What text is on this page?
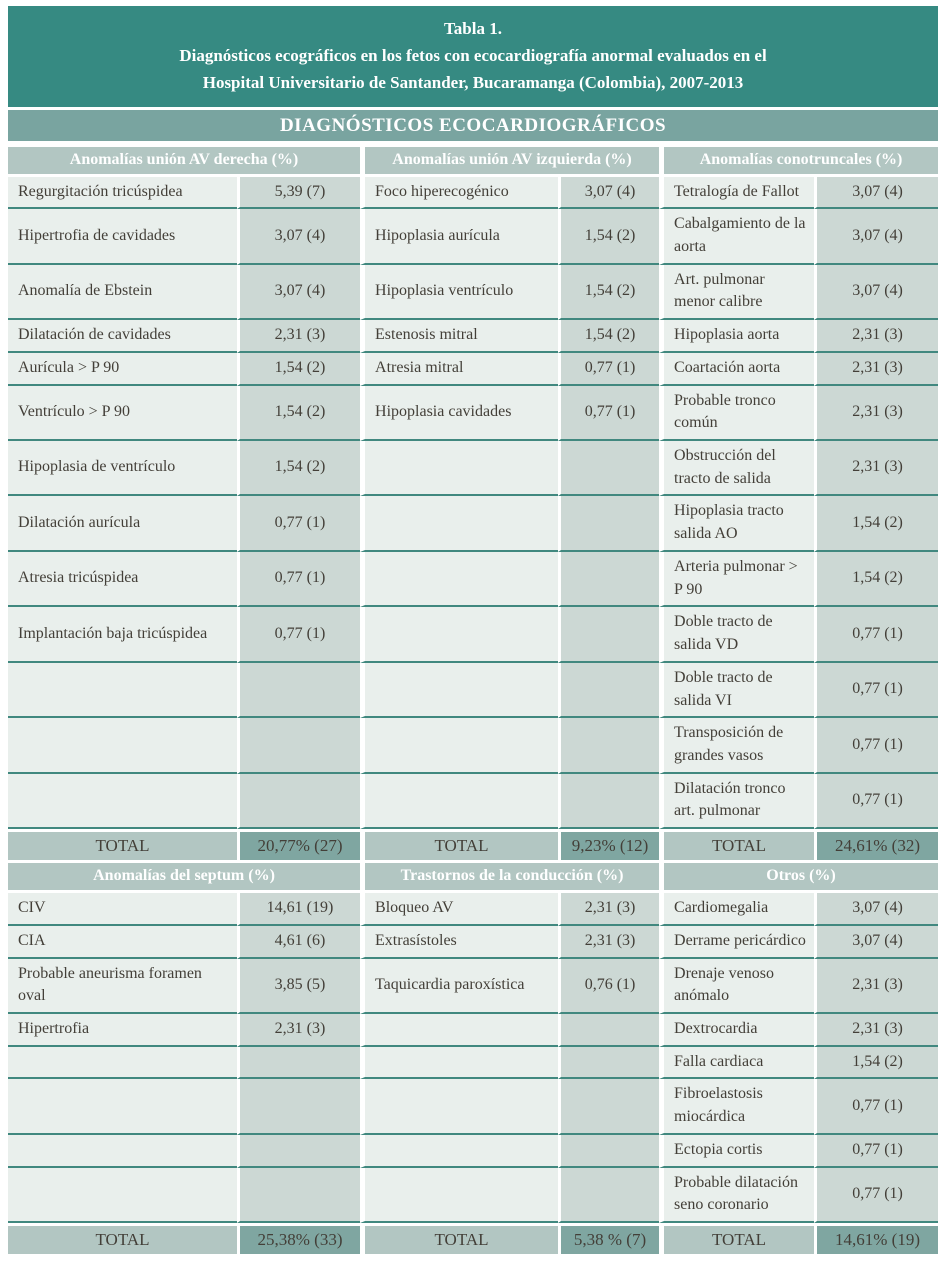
Tabla 1.
Diagnósticos ecográficos en los fetos con ecocardiografía anormal evaluados en el
Hospital Universitario de Santander, Bucaramanga (Colombia), 2007-2013
DIAGNÓSTICOS ECOCARDIOGRÁFICOS
Anomalías unión AV derecha (%)		Anomalías unión AV izquierda (%)		Anomalías conotruncales (%)	
Regurgitación tricúspidea	5,39 (7)	Foco hiperecogénico	3,07 (4)	Tetralogía de Fallot	3,07 (4)
Hipertrofia de cavidades	3,07 (4)	Hipoplasia aurícula	1,54 (2)	Cabalgamiento de la aorta	3,07 (4)
Anomalía de Ebstein	3,07 (4)	Hipoplasia ventrículo	1,54 (2)	Art. pulmonar menor calibre	3,07 (4)
Dilatación de cavidades	2,31 (3)	Estenosis mitral	1,54 (2)	Hipoplasia aorta	2,31 (3)
Aurícula > P 90	1,54 (2)	Atresia mitral	0,77 (1)	Coartación aorta	2,31 (3)
Ventrículo > P 90	1,54 (2)	Hipoplasia cavidades	0,77 (1)	Probable tronco común	2,31 (3)
Hipoplasia de ventrículo	1,54 (2)			Obstrucción del tracto de salida	2,31 (3)
Dilatación aurícula	0,77 (1)			Hipoplasia tracto salida AO	1,54 (2)
Atresia tricúspidea	0,77 (1)			Arteria pulmonar > P 90	1,54 (2)
Implantación baja tricúspidea	0,77 (1)			Doble tracto de salida VD	0,77 (1)
				Doble tracto de salida VI	0,77 (1)
				Transposición de grandes vasos	0,77 (1)
				Dilatación tronco art. pulmonar	0,77 (1)
TOTAL	20,77% (27)	TOTAL	9,23% (12)	TOTAL	24,61% (32)
Anomalías del septum (%)		Trastornos de la conducción (%)		Otros (%)	
CIV	14,61 (19)	Bloqueo AV	2,31 (3)	Cardiomegalia	3,07 (4)
CIA	4,61 (6)	Extrasístoles	2,31 (3)	Derrame pericárdico	3,07 (4)
Probable aneurisma foramen oval	3,85 (5)	Taquicardia paroxística	0,76 (1)	Drenaje venoso anómalo	2,31 (3)
Hipertrofia	2,31 (3)			Dextrocardia	2,31 (3)
				Falla cardiaca	1,54 (2)
				Fibroelastosis miocárdica	0,77 (1)
				Ectopia cortis	0,77 (1)
				Probable dilatación seno coronario	0,77 (1)
TOTAL	25,38% (33)	TOTAL	5,38 % (7)	TOTAL	14,61% (19)
